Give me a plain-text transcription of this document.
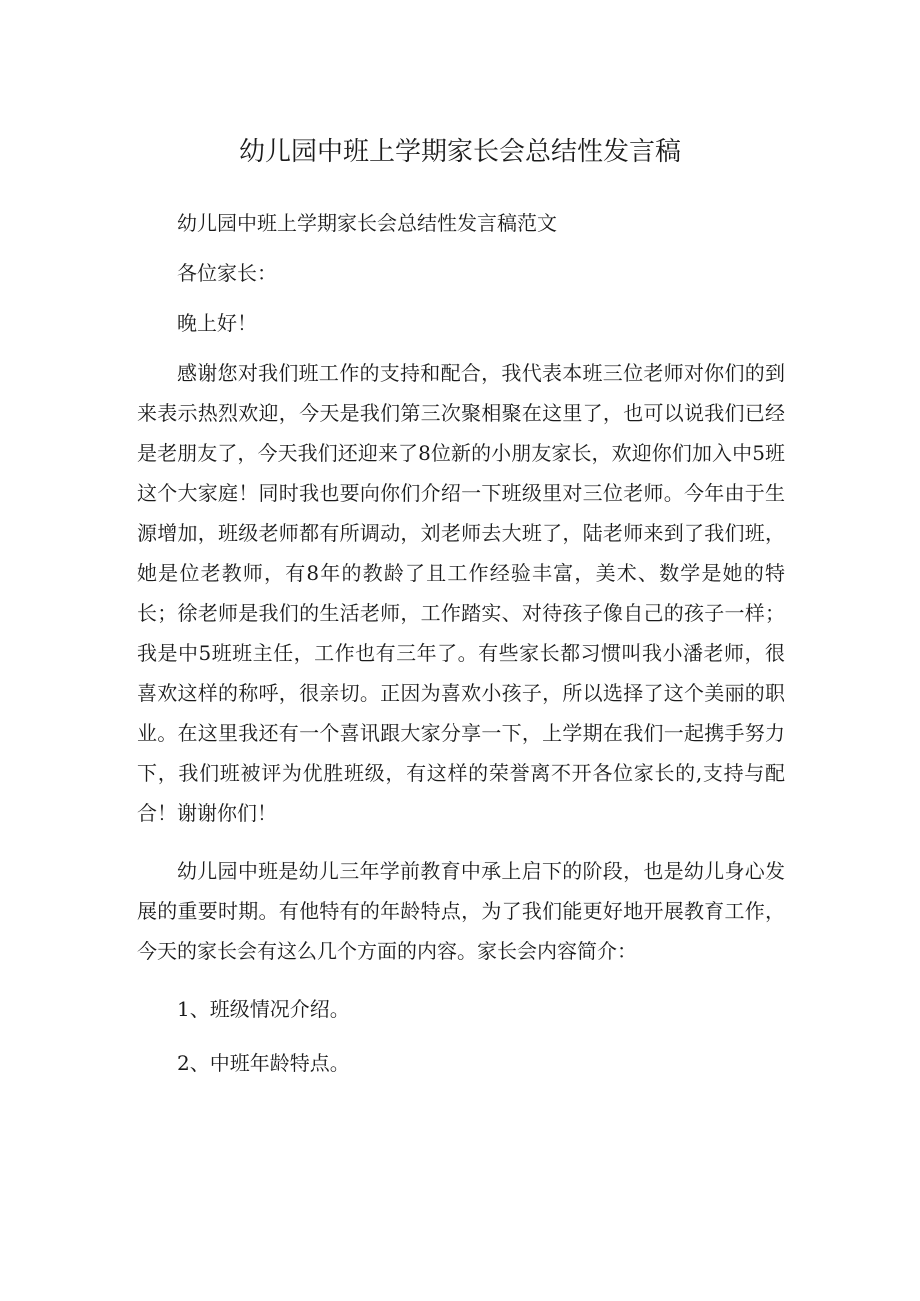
幼儿园中班上学期家长会总结性发言稿

幼儿园中班上学期家长会总结性发言稿范文

各位家长：

晚上好！

感谢您对我们班工作的支持和配合，我代表本班三位老师对你们的到来表示热烈欢迎，今天是我们第三次聚相聚在这里了，也可以说我们已经是老朋友了，今天我们还迎来了8位新的小朋友家长，欢迎你们加入中5班这个大家庭！同时我也要向你们介绍一下班级里对三位老师。今年由于生源增加，班级老师都有所调动，刘老师去大班了，陆老师来到了我们班，她是位老教师，有8年的教龄了且工作经验丰富，美术、数学是她的特长；徐老师是我们的生活老师，工作踏实、对待孩子像自己的孩子一样；我是中5班班主任，工作也有三年了。有些家长都习惯叫我小潘老师，很喜欢这样的称呼，很亲切。正因为喜欢小孩子，所以选择了这个美丽的职业。在这里我还有一个喜讯跟大家分享一下，上学期在我们一起携手努力下，我们班被评为优胜班级，有这样的荣誉离不开各位家长的,支持与配合！谢谢你们！

幼儿园中班是幼儿三年学前教育中承上启下的阶段，也是幼儿身心发展的重要时期。有他特有的年龄特点，为了我们能更好地开展教育工作，今天的家长会有这么几个方面的内容。家长会内容简介：

1、班级情况介绍。

2、中班年龄特点。
